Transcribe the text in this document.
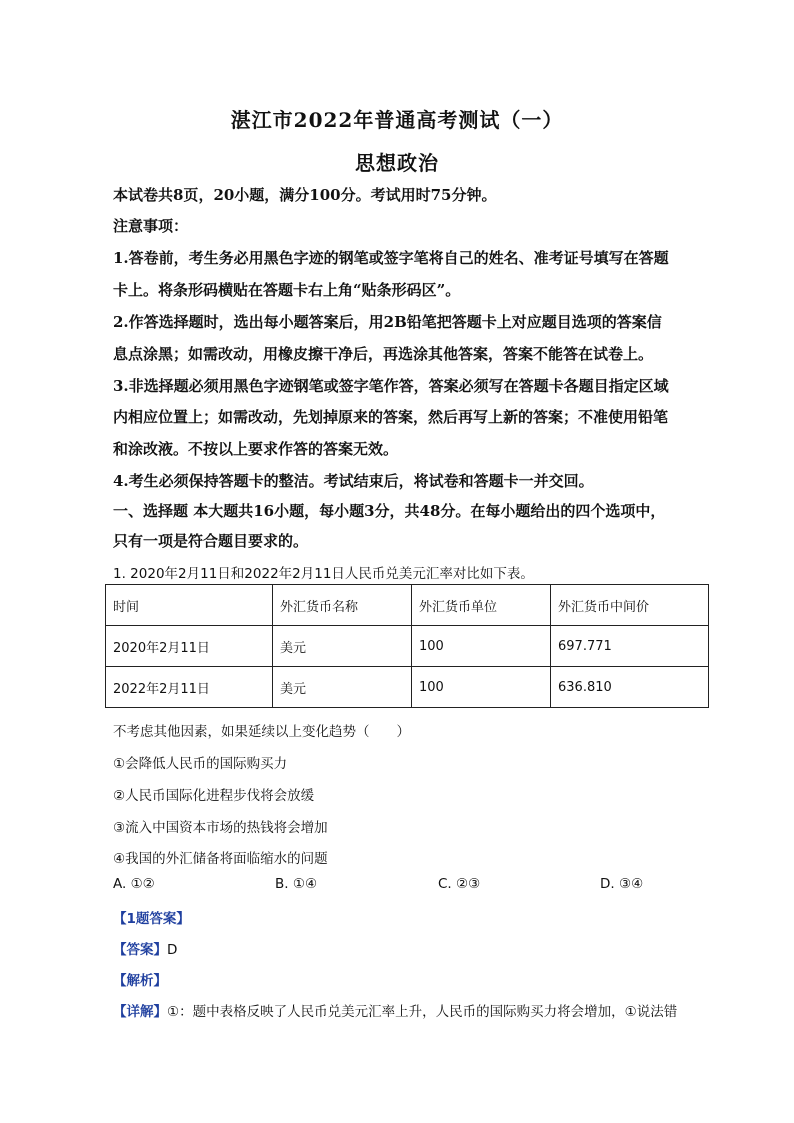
湛江市2022年普通高考测试（一）
思想政治
本试卷共8页，20小题，满分100分。考试用时75分钟。
注意事项：
1.答卷前，考生务必用黑色字迹的钢笔或签字笔将自己的姓名、准考证号填写在答题
卡上。将条形码横贴在答题卡右上角“贴条形码区”。
2.作答选择题时，选出每小题答案后，用2B铅笔把答题卡上对应题目选项的答案信
息点涂黑；如需改动，用橡皮擦干净后，再选涂其他答案，答案不能答在试卷上。
3.非选择题必须用黑色字迹钢笔或签字笔作答，答案必须写在答题卡各题目指定区域
内相应位置上；如需改动，先划掉原来的答案，然后再写上新的答案；不准使用铅笔
和涂改液。不按以上要求作答的答案无效。
4.考生必须保持答题卡的整洁。考试结束后，将试卷和答题卡一并交回。
一、选择题 本大题共16小题，每小题3分，共48分。在每小题给出的四个选项中，
只有一项是符合题目要求的。
1. 2020年2月11日和2022年2月11日人民币兑美元汇率对比如下表。
时间	外汇货币名称	外汇货币单位	外汇货币中间价
2020年2月11日	美元	100	697.771
2022年2月11日	美元	100	636.810
不考虑其他因素，如果延续以上变化趋势（　　）
①会降低人民币的国际购买力
②人民币国际化进程步伐将会放缓
③流入中国资本市场的热钱将会增加
④我国的外汇储备将面临缩水的问题
A. ①②	B. ①④	C. ②③	D. ③④
【1题答案】
【答案】D
【解析】
【详解】①：题中表格反映了人民币兑美元汇率上升，人民币的国际购买力将会增加，①说法错
